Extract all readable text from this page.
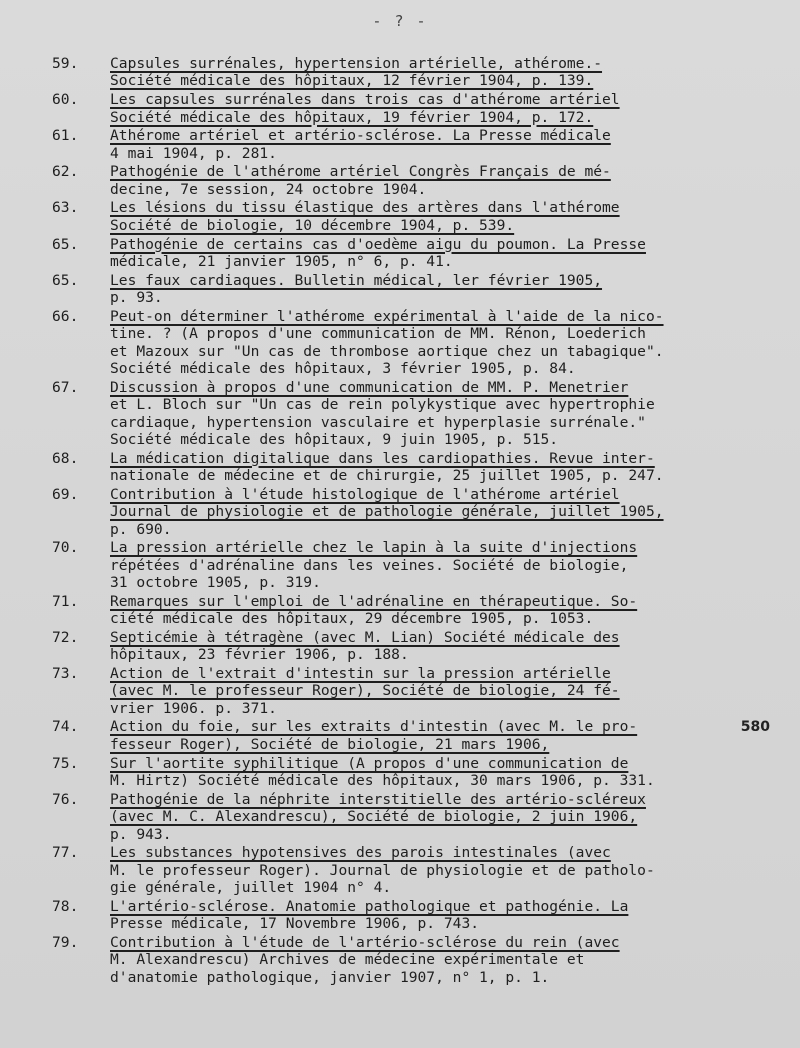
- ? -
580
59.	Capsules surrénales, hypertension artérielle, athérome.-
Société médicale des hôpitaux, 12 février 1904, p. 139.
60.	Les capsules surrénales dans trois cas d'athérome artériel
Société médicale des hôpitaux, 19 février 1904, p. 172.
61.	Athérome artériel et artério-sclérose. La Presse médicale
4 mai 1904, p. 281.
62.	Pathogénie de l'athérome artériel Congrès Français de mé-
decine, 7e session, 24 octobre 1904.
63.	Les lésions du tissu élastique des artères dans l'athérome
Société de biologie, 10 décembre 1904, p. 539.
65.	Pathogénie de certains cas d'oedème aigu du poumon. La Presse
médicale, 21 janvier 1905, n° 6, p. 41.
65.	Les faux cardiaques. Bulletin médical, ler février 1905,
p. 93.
66.	Peut-on déterminer l'athérome expérimental à l'aide de la nico-
tine. ? (A propos d'une communication de MM. Rénon, Loederich
et Mazoux sur "Un cas de thrombose aortique chez un tabagique".
Société médicale des hôpitaux, 3 février 1905, p. 84.
67.	Discussion à propos d'une communication de MM. P. Menetrier
et L. Bloch sur "Un cas de rein polykystique avec hypertrophie
cardiaque, hypertension vasculaire et hyperplasie surrénale."
Société médicale des hôpitaux, 9 juin 1905, p. 515.
68.	La médication digitalique dans les cardiopathies. Revue inter-
nationale de médecine et de chirurgie, 25 juillet 1905, p. 247.
69.	Contribution à l'étude histologique de l'athérome artériel
Journal de physiologie et de pathologie générale, juillet 1905,
p. 690.
70.	La pression artérielle chez le lapin à la suite d'injections
répétées d'adrénaline dans les veines. Société de biologie,
31 octobre 1905, p. 319.
71.	Remarques sur l'emploi de l'adrénaline en thérapeutique. So-
ciété médicale des hôpitaux, 29 décembre 1905, p. 1053.
72.	Septicémie à tétragène (avec M. Lian) Société médicale des
hôpitaux, 23 février 1906, p. 188.
73.	Action de l'extrait d'intestin sur la pression artérielle
(avec M. le professeur Roger), Société de biologie, 24 fé-
vrier 1906. p. 371.
74.	Action du foie, sur les extraits d'intestin (avec M. le pro-
fesseur Roger), Société de biologie, 21 mars 1906,
75.	Sur l'aortite syphilitique (A propos d'une communication de
M. Hirtz) Société médicale des hôpitaux, 30 mars 1906, p. 331.
76.	Pathogénie de la néphrite interstitielle des artério-scléreux
(avec M. C. Alexandrescu), Société de biologie, 2 juin 1906,
p. 943.
77.	Les substances hypotensives des parois intestinales (avec
M. le professeur Roger). Journal de physiologie et de patholo-
gie générale, juillet 1904 n° 4.
78.	L'artério-sclérose. Anatomie pathologique et pathogénie. La
Presse médicale, 17 Novembre 1906, p. 743.
79.	Contribution à l'étude de l'artério-sclérose du rein (avec
M. Alexandrescu) Archives de médecine expérimentale et
d'anatomie pathologique, janvier 1907, n° 1, p. 1.
